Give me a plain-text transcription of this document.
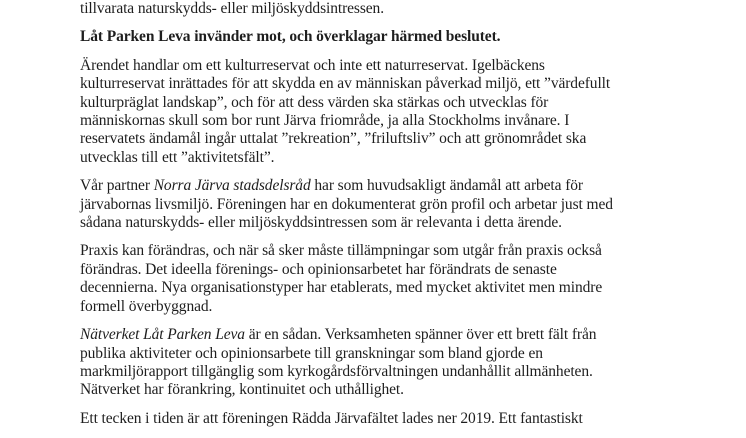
tillvarata naturskydds- eller miljöskyddsintressen.

Låt Parken Leva invänder mot, och överklagar härmed beslutet.

Ärendet handlar om ett kulturreservat och inte ett naturreservat. Igelbäckens
kulturreservat inrättades för att skydda en av människan påverkad miljö, ett ”värdefullt
kulturpräglat landskap”, och för att dess värden ska stärkas och utvecklas för
människornas skull som bor runt Järva friområde, ja alla Stockholms invånare. I
reservatets ändamål ingår uttalat ”rekreation”, ”friluftsliv” och att grönområdet ska
utvecklas till ett ”aktivitetsfält”.

Vår partner Norra Järva stadsdelsråd har som huvudsakligt ändamål att arbeta för
järvabornas livsmiljö. Föreningen har en dokumenterat grön profil och arbetar just med
sådana naturskydds- eller miljöskyddsintressen som är relevanta i detta ärende.

Praxis kan förändras, och när så sker måste tillämpningar som utgår från praxis också
förändras. Det ideella förenings- och opinionsarbetet har förändrats de senaste
decennierna. Nya organisationstyper har etablerats, med mycket aktivitet men mindre
formell överbyggnad.

Nätverket Låt Parken Leva är en sådan. Verksamheten spänner över ett brett fält från
publika aktiviteter och opinionsarbete till granskningar som bland gjorde en
markmiljörapport tillgänglig som kyrkogårdsförvaltningen undanhållit allmänheten.
Nätverket har förankring, kontinuitet och uthållighet.

Ett tecken i tiden är att föreningen Rädda Järvafältet lades ner 2019. Ett fantastiskt
